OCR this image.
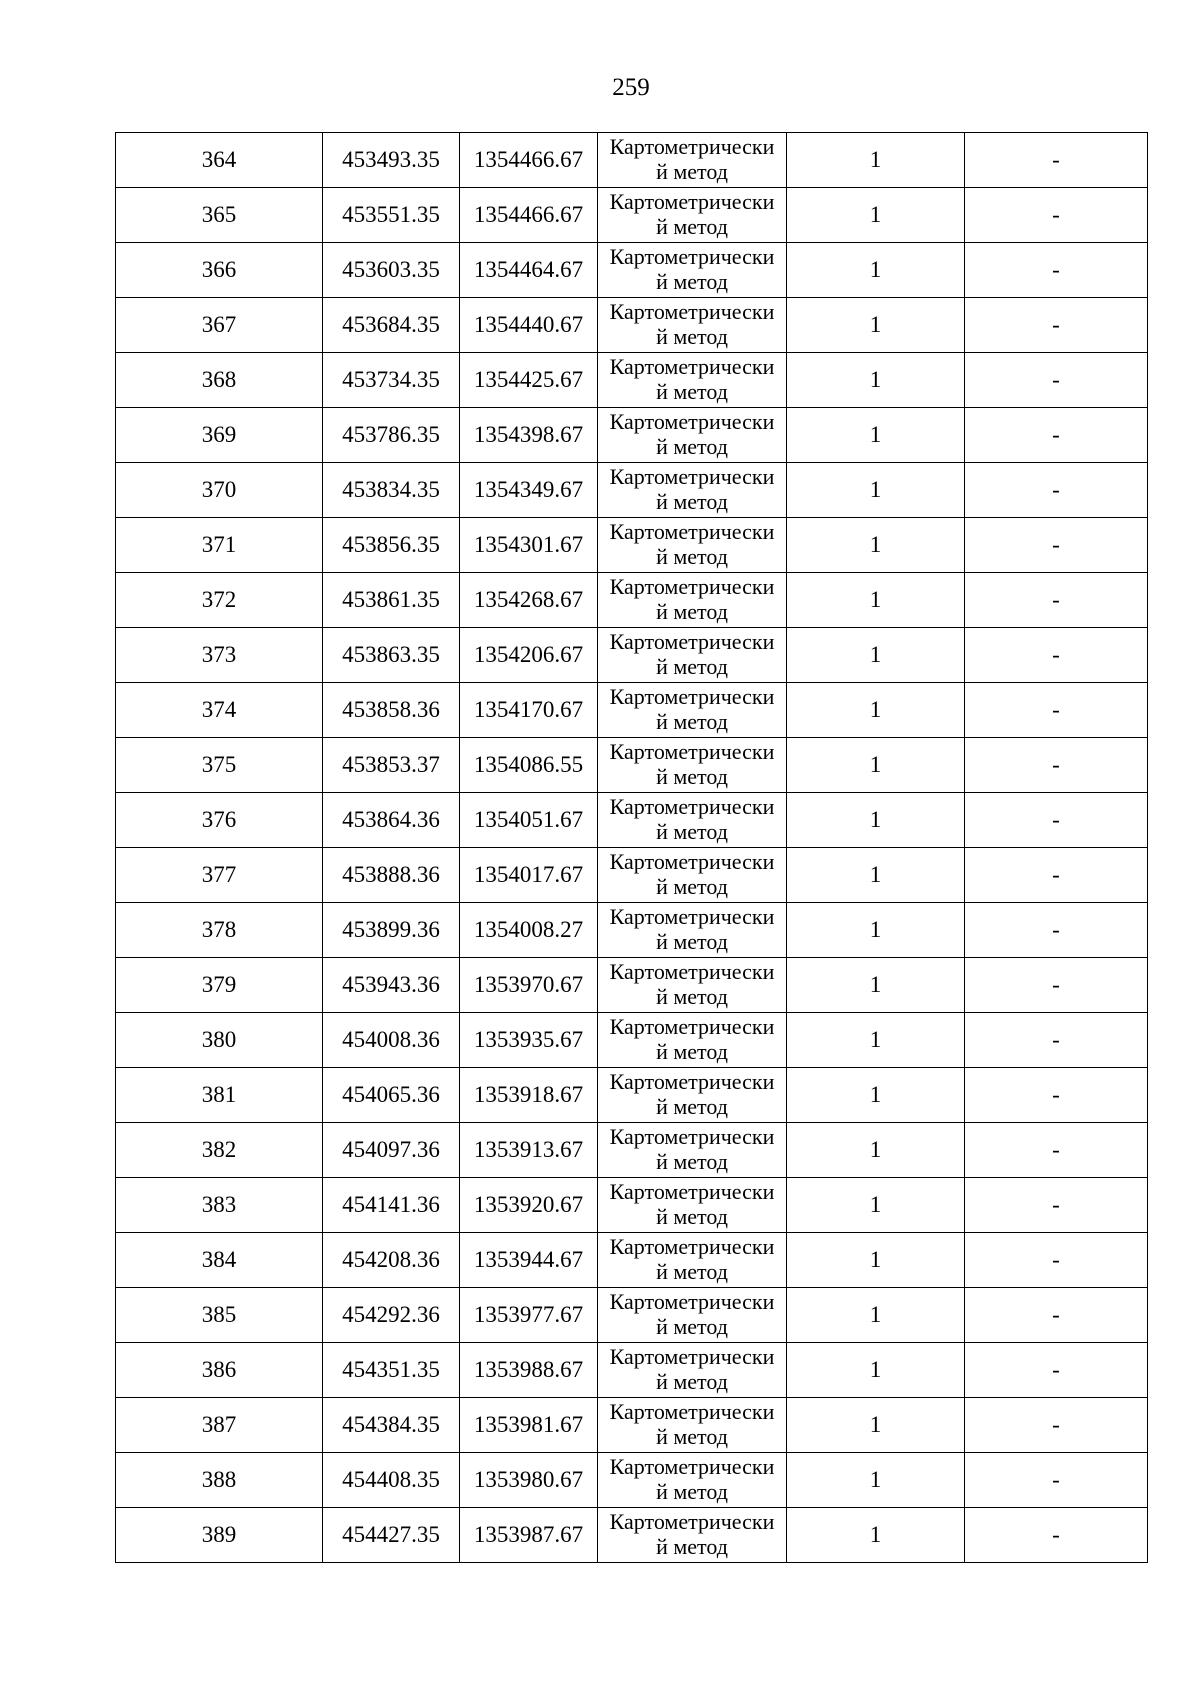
259
364	453493.35	1354466.67	Картометрически
й метод	1	-
365	453551.35	1354466.67	Картометрически
й метод	1	-
366	453603.35	1354464.67	Картометрически
й метод	1	-
367	453684.35	1354440.67	Картометрически
й метод	1	-
368	453734.35	1354425.67	Картометрически
й метод	1	-
369	453786.35	1354398.67	Картометрически
й метод	1	-
370	453834.35	1354349.67	Картометрически
й метод	1	-
371	453856.35	1354301.67	Картометрически
й метод	1	-
372	453861.35	1354268.67	Картометрически
й метод	1	-
373	453863.35	1354206.67	Картометрически
й метод	1	-
374	453858.36	1354170.67	Картометрически
й метод	1	-
375	453853.37	1354086.55	Картометрически
й метод	1	-
376	453864.36	1354051.67	Картометрически
й метод	1	-
377	453888.36	1354017.67	Картометрически
й метод	1	-
378	453899.36	1354008.27	Картометрически
й метод	1	-
379	453943.36	1353970.67	Картометрически
й метод	1	-
380	454008.36	1353935.67	Картометрически
й метод	1	-
381	454065.36	1353918.67	Картометрически
й метод	1	-
382	454097.36	1353913.67	Картометрически
й метод	1	-
383	454141.36	1353920.67	Картометрически
й метод	1	-
384	454208.36	1353944.67	Картометрически
й метод	1	-
385	454292.36	1353977.67	Картометрически
й метод	1	-
386	454351.35	1353988.67	Картометрически
й метод	1	-
387	454384.35	1353981.67	Картометрически
й метод	1	-
388	454408.35	1353980.67	Картометрически
й метод	1	-
389	454427.35	1353987.67	Картометрически
й метод	1	-
